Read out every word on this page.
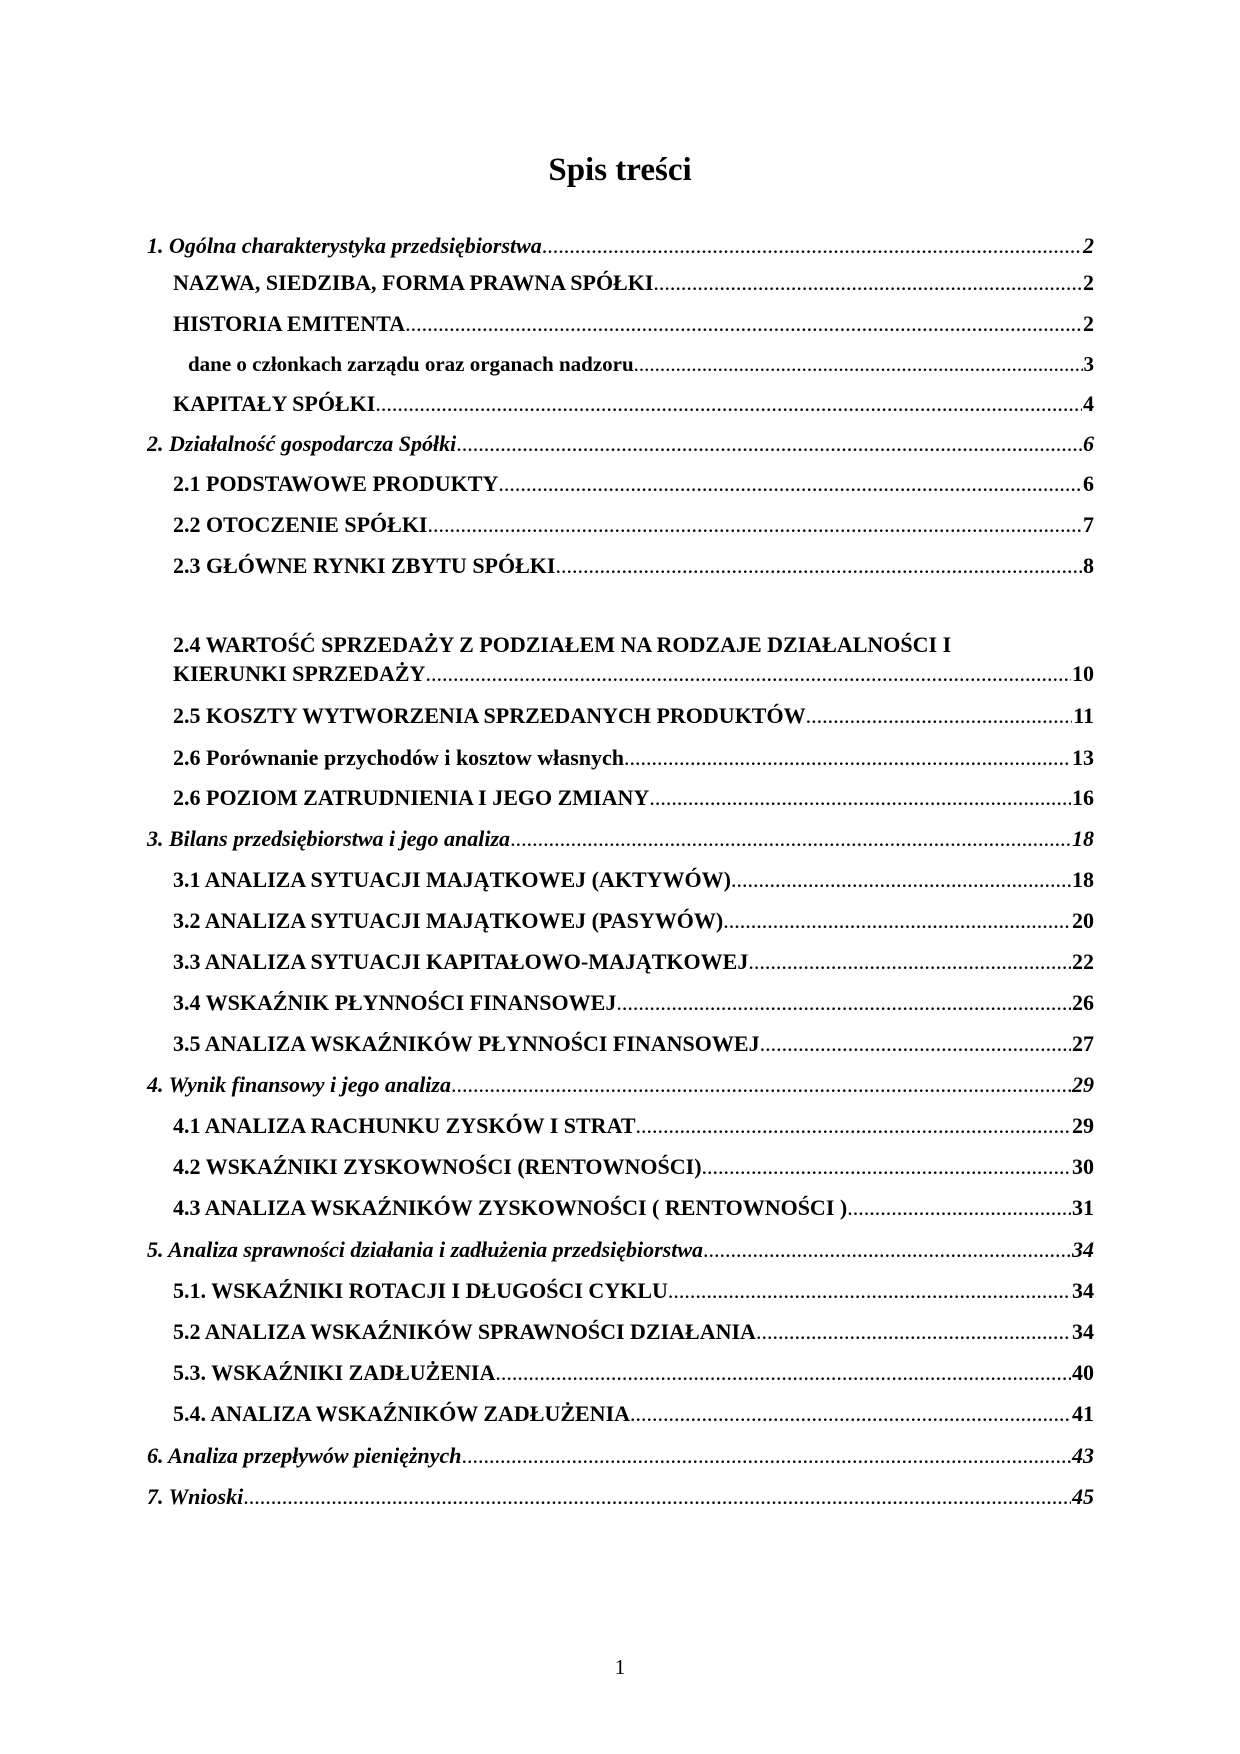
Spis treści
1. Ogólna charakterystyka przedsiębiorstwa .....	2
NAZWA, SIEDZIBA, FORMA PRAWNA SPÓŁKI .....	2
HISTORIA EMITENTA .....	2
dane o członkach zarządu oraz organach nadzoru .....	3
KAPITAŁY SPÓŁKI .....	4
2. Działalność gospodarcza Spółki .....	6
2.1 PODSTAWOWE PRODUKTY .....	6
2.2 OTOCZENIE SPÓŁKI .....	7
2.3 GŁÓWNE RYNKI ZBYTU SPÓŁKI .....	8
2.4 WARTOŚĆ SPRZEDAŻY Z PODZIAŁEM NA RODZAJE DZIAŁALNOŚCI I
KIERUNKI SPRZEDAŻY .....	10
2.5 KOSZTY WYTWORZENIA SPRZEDANYCH PRODUKTÓW .....	11
2.6 Porównanie przychodów i kosztow własnych .....	13
2.6 POZIOM ZATRUDNIENIA I JEGO ZMIANY .....	16
3. Bilans przedsiębiorstwa i jego analiza .....	18
3.1 ANALIZA SYTUACJI MAJĄTKOWEJ (AKTYWÓW) .....	18
3.2 ANALIZA SYTUACJI MAJĄTKOWEJ (PASYWÓW) .....	20
3.3 ANALIZA SYTUACJI KAPITAŁOWO-MAJĄTKOWEJ .....	22
3.4 WSKAŹNIK PŁYNNOŚCI FINANSOWEJ .....	26
3.5 ANALIZA WSKAŹNIKÓW PŁYNNOŚCI FINANSOWEJ .....	27
4. Wynik finansowy i jego analiza .....	29
4.1 ANALIZA RACHUNKU ZYSKÓW I STRAT .....	29
4.2 WSKAŹNIKI ZYSKOWNOŚCI (RENTOWNOŚCI) .....	30
4.3 ANALIZA WSKAŹNIKÓW ZYSKOWNOŚCI ( RENTOWNOŚCI ) .....	31
5. Analiza sprawności działania i zadłużenia przedsiębiorstwa .....	34
5.1. WSKAŹNIKI ROTACJI I DŁUGOŚCI CYKLU .....	34
5.2 ANALIZA WSKAŹNIKÓW SPRAWNOŚCI DZIAŁANIA .....	34
5.3. WSKAŹNIKI ZADŁUŻENIA .....	40
5.4. ANALIZA WSKAŹNIKÓW ZADŁUŻENIA .....	41
6. Analiza przepływów pieniężnych .....	43
7. Wnioski .....	45
1
